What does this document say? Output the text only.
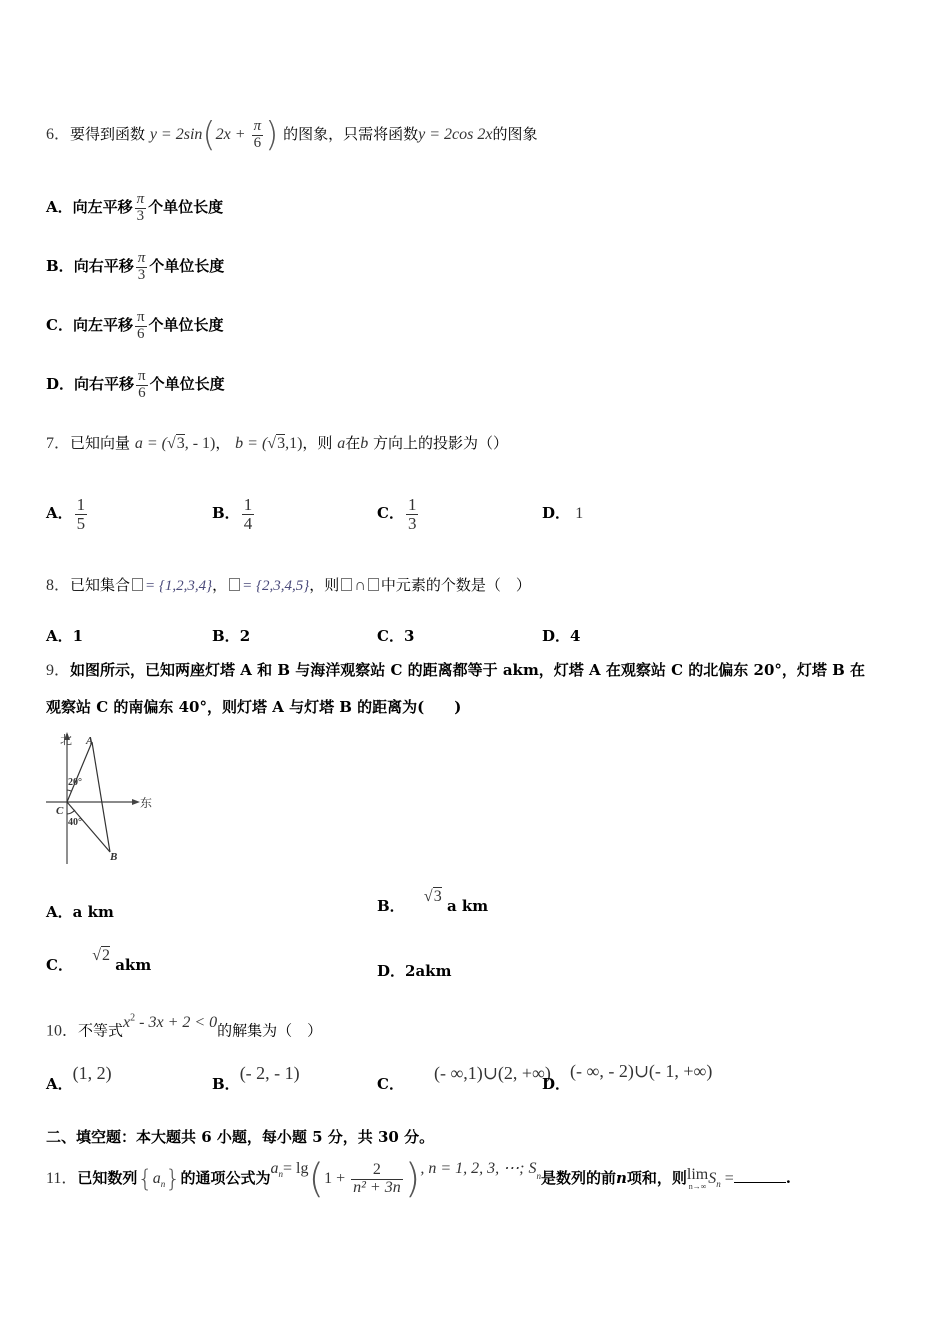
6．要得到函数 $y = 2\sin(2x + \frac{\pi}{6}$ ) 的图象，只需将函数y = 2cos 2x的图象
A．向左平移 $\frac{\pi}{3}$ 个单位长度
B．向右平移 $\frac{\pi}{3}$ 个单位长度
C．向左平移 $\frac{\pi}{6}$ 个单位长度
D．向右平移 $\frac{\pi}{6}$ 个单位长度
7．已知向量 a = (√3, - 1)， b = (√3,1)，则 a在b 方向上的投影为（）
A． $\frac{1}{5}$	B． $\frac{1}{4}$	C． $\frac{1}{3}$	D． 1
8．已知集合 = {1,2,3,4}， = {2,3,4,5}，则 ∩ 中元素的个数是（　）
A．1	B．2	C．3	D．4
9．如图所示，已知两座灯塔 A 和 B 与海洋观察站 C 的距离都等于 akm，灯塔 A 在观察站 C 的北偏东 20°，灯塔 B 在
观察站 C 的南偏东 40°，则灯塔 A 与灯塔 B 的距离为(　　)
北
东
A
B
C
20°
40°
A．a km	B． √3 a km
C． √2 akm	D．2akm
10．不等式$x^2 - 3x + 2 < 0$的解集为（　）
A．(1, 2)
B．(- 2, - 1)
C．(- ∞,1)∪(2, +∞)
D．(- ∞, - 2)∪(- 1, +∞)
二、填空题：本大题共 6 小题，每小题 5 分，共 30 分。
11．已知数列$\{a_n\}$的通项公式为$a_n= \lg(1 + \frac{2}{\text{n² + 3n}}$ ), n = 1, 2, 3, ⋯; $S_n$是数列的前n项和，则 lim
n→∞ $S_n$ =	.
